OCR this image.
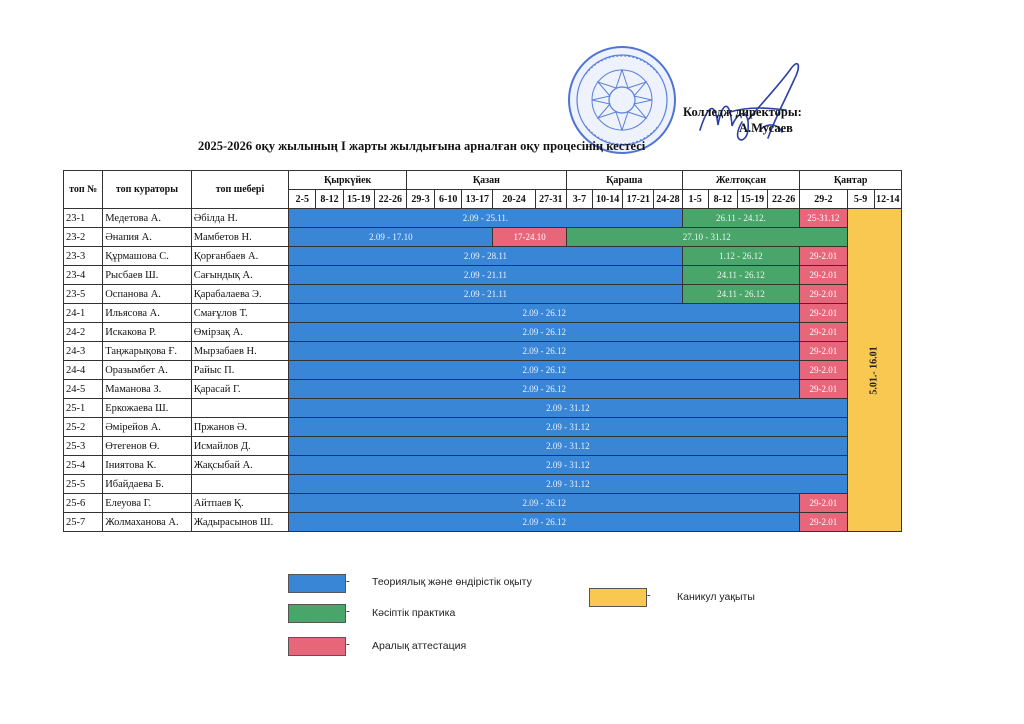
Колледж директоры:
А.Мусаев
2025-2026 оқу жылының І жарты жылдығына арналған оқу процесінің кестесі
топ №	топ кураторы	топ шебері	Қыркүйек				Қазан					Қараша				Желтоқсан				Қантар		
			2-5	8-12	15-19	22-26	29-3	6-10	13-17	20-24	27-31	3-7	10-14	17-21	24-28	1-5	8-12	15-19	22-26	29-2	5-9	12-14
23-1	Медетова А.	Әбілда Н.	2.09 - 25.11.													26.11 - 24.12.				25-31.12	5.01.- 16.01	
23-2	Әнапия А.	Мамбетов Н.	2.09 - 17.10							17-24.10		27.10 - 31.12										
23-3	Құрмашова С.	Қорғанбаев А.	2.09 - 28.11													1.12 - 26.12				29-2.01		
23-4	Рысбаев Ш.	Сағындық А.	2.09 - 21.11													24.11 - 26.12				29-2.01		
23-5	Оспанова А.	Қарабалаева Э.	2.09 - 21.11													24.11 - 26.12				29-2.01		
24-1	Ильясова А.	Смағұлов Т.	2.09 - 26.12																	29-2.01		
24-2	Искакова Р.	Өмірзақ А.	2.09 - 26.12																	29-2.01		
24-3	Таңжарықова Ғ.	Мырзабаев Н.	2.09 - 26.12																	29-2.01		
24-4	Оразымбет А.	Райыс П.	2.09 - 26.12																	29-2.01		
24-5	Маманова З.	Қарасай Г.	2.09 - 26.12																	29-2.01		
25-1	Еркожаева Ш.		2.09 - 31.12																			
25-2	Әмірейов А.	Пржанов Ә.	2.09 - 31.12																			
25-3	Өтегенов Ө.	Исмайлов Д.	2.09 - 31.12																			
25-4	Іниятова К.	Жақсыбай А.	2.09 - 31.12																			
25-5	Ибайдаева Б.		2.09 - 31.12																			
25-6	Елеуова Г.	Айтпаев Қ.	2.09 - 26.12																	29-2.01		
25-7	Жолмаханова А.	Жадырасынов Ш.	2.09 - 26.12																	29-2.01		
- Теориялық және өндірістік оқыту
- Кәсіптік практика
- Аралық аттестация
-	Каникул уақыты
